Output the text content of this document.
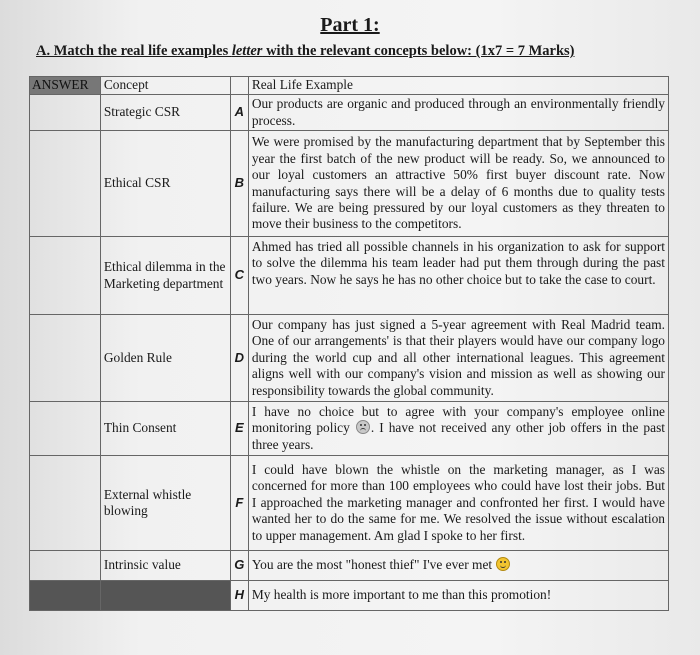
Part 1:
A. Match the real life examples letter with the relevant concepts below: (1x7 = 7 Marks)
ANSWER	Concept		Real Life Example
	Strategic CSR	A	Our products are organic and produced through an environmentally friendly process.
	Ethical CSR	B	We were promised by the manufacturing department that by September this year the first batch of the new product will be ready. So, we announced to our loyal customers an attractive 50% first buyer discount rate. Now manufacturing says there will be a delay of 6 months due to quality tests failure. We are being pressured by our loyal customers as they threaten to move their business to the competitors.
	Ethical dilemma in the Marketing department	C	Ahmed has tried all possible channels in his organization to ask for support to solve the dilemma his team leader had put them through during the past two years. Now he says he has no other choice but to take the case to court.
	Golden Rule	D	Our company has just signed a 5-year agreement with Real Madrid team. One of our arrangements' is that their players would have our company logo during the world cup and all other international leagues. This agreement aligns well with our company's vision and mission as well as showing our responsibility towards the global community.
	Thin Consent	E	I have no choice but to agree with your company's employee online monitoring policy . I have not received any other job offers in the past three years.
	External whistle blowing	F	I could have blown the whistle on the marketing manager, as I was concerned for more than 100 employees who could have lost their jobs. But I approached the marketing manager and confronted her first. I would have wanted her to do the same for me. We resolved the issue without escalation to upper management. Am glad I spoke to her first.
	Intrinsic value	G	You are the most "honest thief" I've ever met
		H	My health is more important to me than this promotion!
